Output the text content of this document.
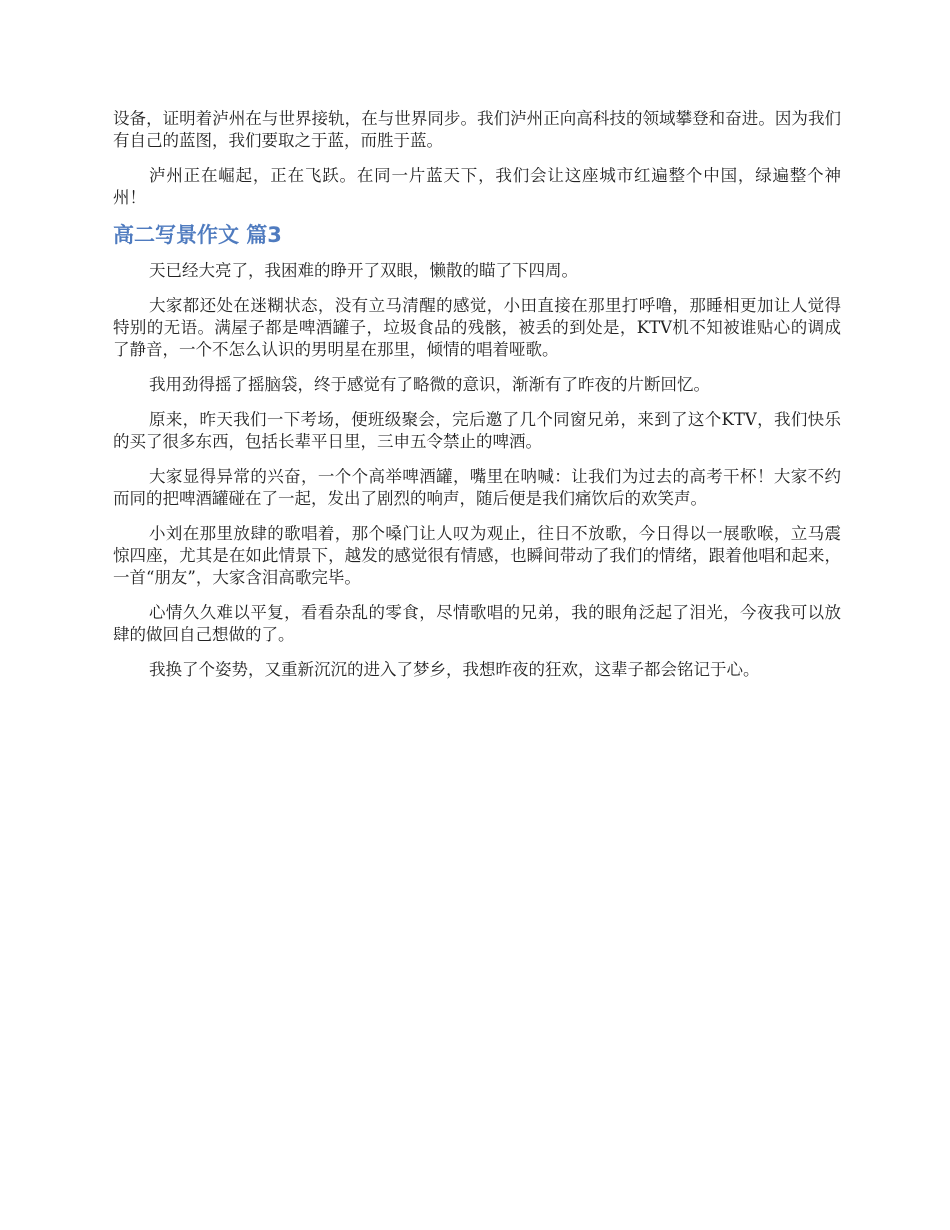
设备，证明着泸州在与世界接轨，在与世界同步。我们泸州正向高科技的领域攀登和奋进。因为我们有自己的蓝图，我们要取之于蓝，而胜于蓝。

泸州正在崛起，正在飞跃。在同一片蓝天下，我们会让这座城市红遍整个中国，绿遍整个神州！

高二写景作文 篇3

天已经大亮了，我困难的睁开了双眼，懒散的瞄了下四周。

大家都还处在迷糊状态，没有立马清醒的感觉，小田直接在那里打呼噜，那睡相更加让人觉得特别的无语。满屋子都是啤酒罐子，垃圾食品的残骸，被丢的到处是，KTV机不知被谁贴心的调成了静音，一个不怎么认识的男明星在那里，倾情的唱着哑歌。

我用劲得摇了摇脑袋，终于感觉有了略微的意识，渐渐有了昨夜的片断回忆。

原来，昨天我们一下考场，便班级聚会，完后邀了几个同窗兄弟，来到了这个KTV，我们快乐的买了很多东西，包括长辈平日里，三申五令禁止的啤酒。

大家显得异常的兴奋，一个个高举啤酒罐，嘴里在呐喊：让我们为过去的高考干杯！大家不约而同的把啤酒罐碰在了一起，发出了剧烈的响声，随后便是我们痛饮后的欢笑声。

小刘在那里放肆的歌唱着，那个嗓门让人叹为观止，往日不放歌，今日得以一展歌喉，立马震惊四座，尤其是在如此情景下，越发的感觉很有情感，也瞬间带动了我们的情绪，跟着他唱和起来，一首“朋友”，大家含泪高歌完毕。

心情久久难以平复，看看杂乱的零食，尽情歌唱的兄弟，我的眼角泛起了泪光，今夜我可以放肆的做回自己想做的了。

我换了个姿势，又重新沉沉的进入了梦乡，我想昨夜的狂欢，这辈子都会铭记于心。
